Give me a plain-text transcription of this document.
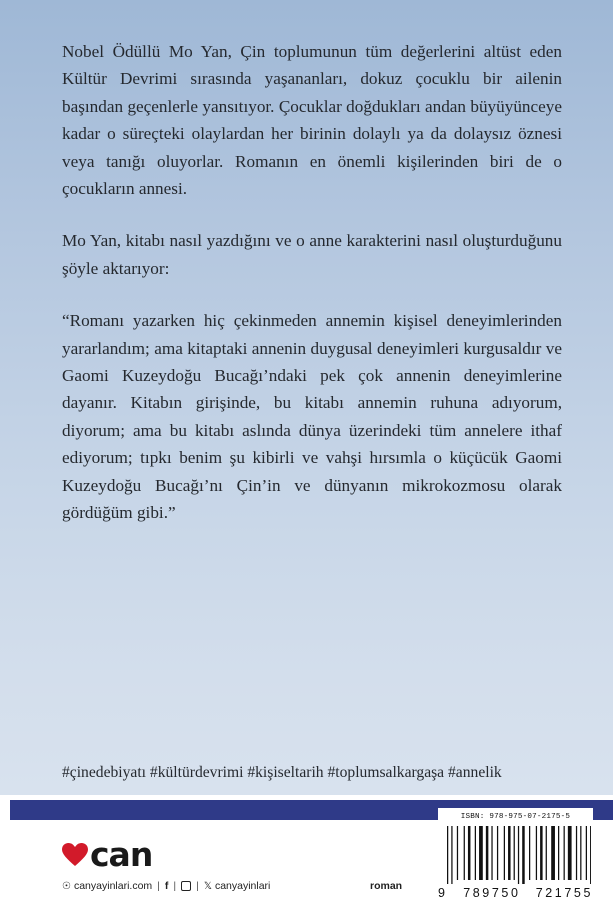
Nobel Ödüllü Mo Yan, Çin toplumunun tüm değerlerini altüst eden Kültür Devrimi sırasında yaşananları, dokuz çocuklu bir ailenin başından geçenlerle yansıtıyor. Çocuklar doğdukları andan büyüyünceye kadar o süreçteki olaylardan her birinin dolaylı ya da dolaysız öznesi veya tanığı oluyorlar. Romanın en önemli kişilerinden biri de o çocukların annesi.

Mo Yan, kitabı nasıl yazdığını ve o anne karakterini nasıl oluşturduğunu şöyle aktarıyor:

“Romanı yazarken hiç çekinmeden annemin kişisel deneyimlerinden yararlandım; ama kitaptaki annenin duygusal deneyimleri kurgusaldır ve Gaomi Kuzeydoğu Bucağı’ndaki pek çok annenin deneyimlerine dayanır. Kitabın girişinde, bu kitabı annemin ruhuna adıyorum, diyorum; ama bu kitabı aslında dünya üzerindeki tüm annelere ithaf ediyorum; tıpkı benim şu kibirli ve vahşi hırsımla o küçücük Gaomi Kuzeydoğu Bucağı’nı Çin’in ve dünyanın mikrokozmosu olarak gördüğüm gibi.”

#çinedebiyatı #kültürdevrimi #kişiseltarih #toplumsalkargaşa #annelik
can
☉ canyayinlari.com | f | | 𝕏 canyayinlari	roman
ISBN: 978-975-07-2175-5
9 789750 721755
